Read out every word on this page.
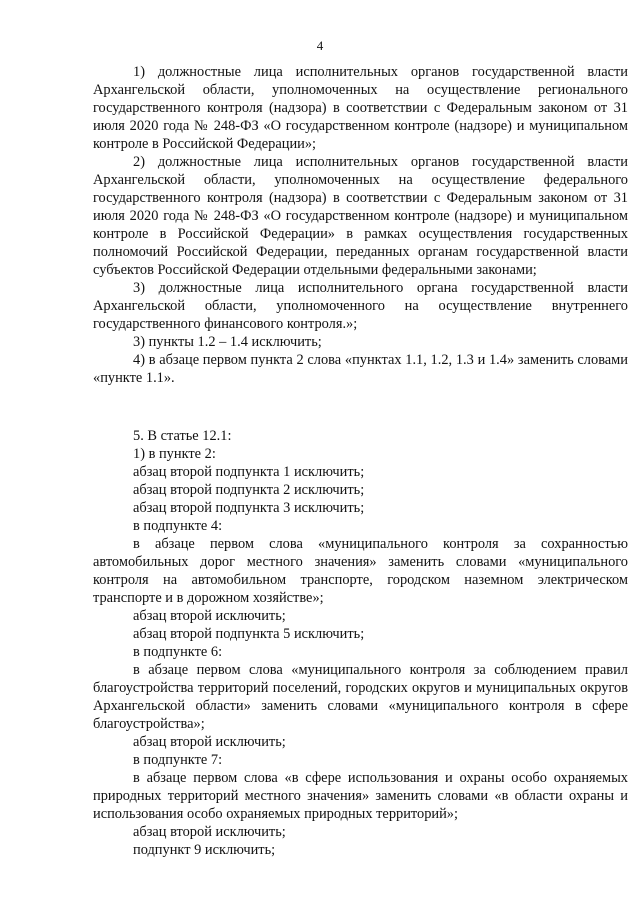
4

1) должностные лица исполнительных органов государственной власти Архангельской области, уполномоченных на осуществление регионального государственного контроля (надзора) в соответствии с Федеральным законом от 31 июля 2020 года № 248-ФЗ «О государственном контроле (надзоре) и муниципальном контроле в Российской Федерации»;

2) должностные лица исполнительных органов государственной власти Архангельской области, уполномоченных на осуществление федерального государственного контроля (надзора) в соответствии с Федеральным законом от 31 июля 2020 года № 248-ФЗ «О государственном контроле (надзоре) и муниципальном контроле в Российской Федерации» в рамках осуществления государственных полномочий Российской Федерации, переданных органам государственной власти субъектов Российской Федерации отдельными федеральными законами;

3) должностные лица исполнительного органа государственной власти Архангельской области, уполномоченного на осуществление внутреннего государственного финансового контроля.»;

3) пункты 1.2 – 1.4 исключить;

4) в абзаце первом пункта 2 слова «пунктах 1.1, 1.2, 1.3 и 1.4» заменить словами «пункте 1.1».

5. В статье 12.1:

1) в пункте 2:

абзац второй подпункта 1 исключить;

абзац второй подпункта 2 исключить;

абзац второй подпункта 3 исключить;

в подпункте 4:

в абзаце первом слова «муниципального контроля за сохранностью автомобильных дорог местного значения» заменить словами «муниципального контроля на автомобильном транспорте, городском наземном электрическом транспорте и в дорожном хозяйстве»;

абзац второй исключить;

абзац второй подпункта 5 исключить;

в подпункте 6:

в абзаце первом слова «муниципального контроля за соблюдением правил благоустройства территорий поселений, городских округов и муниципальных округов Архангельской области» заменить словами «муниципального контроля в сфере благоустройства»;

абзац второй исключить;

в подпункте 7:

в абзаце первом слова «в сфере использования и охраны особо охраняемых природных территорий местного значения» заменить словами «в области охраны и использования особо охраняемых природных территорий»;

абзац второй исключить;

подпункт 9 исключить;
